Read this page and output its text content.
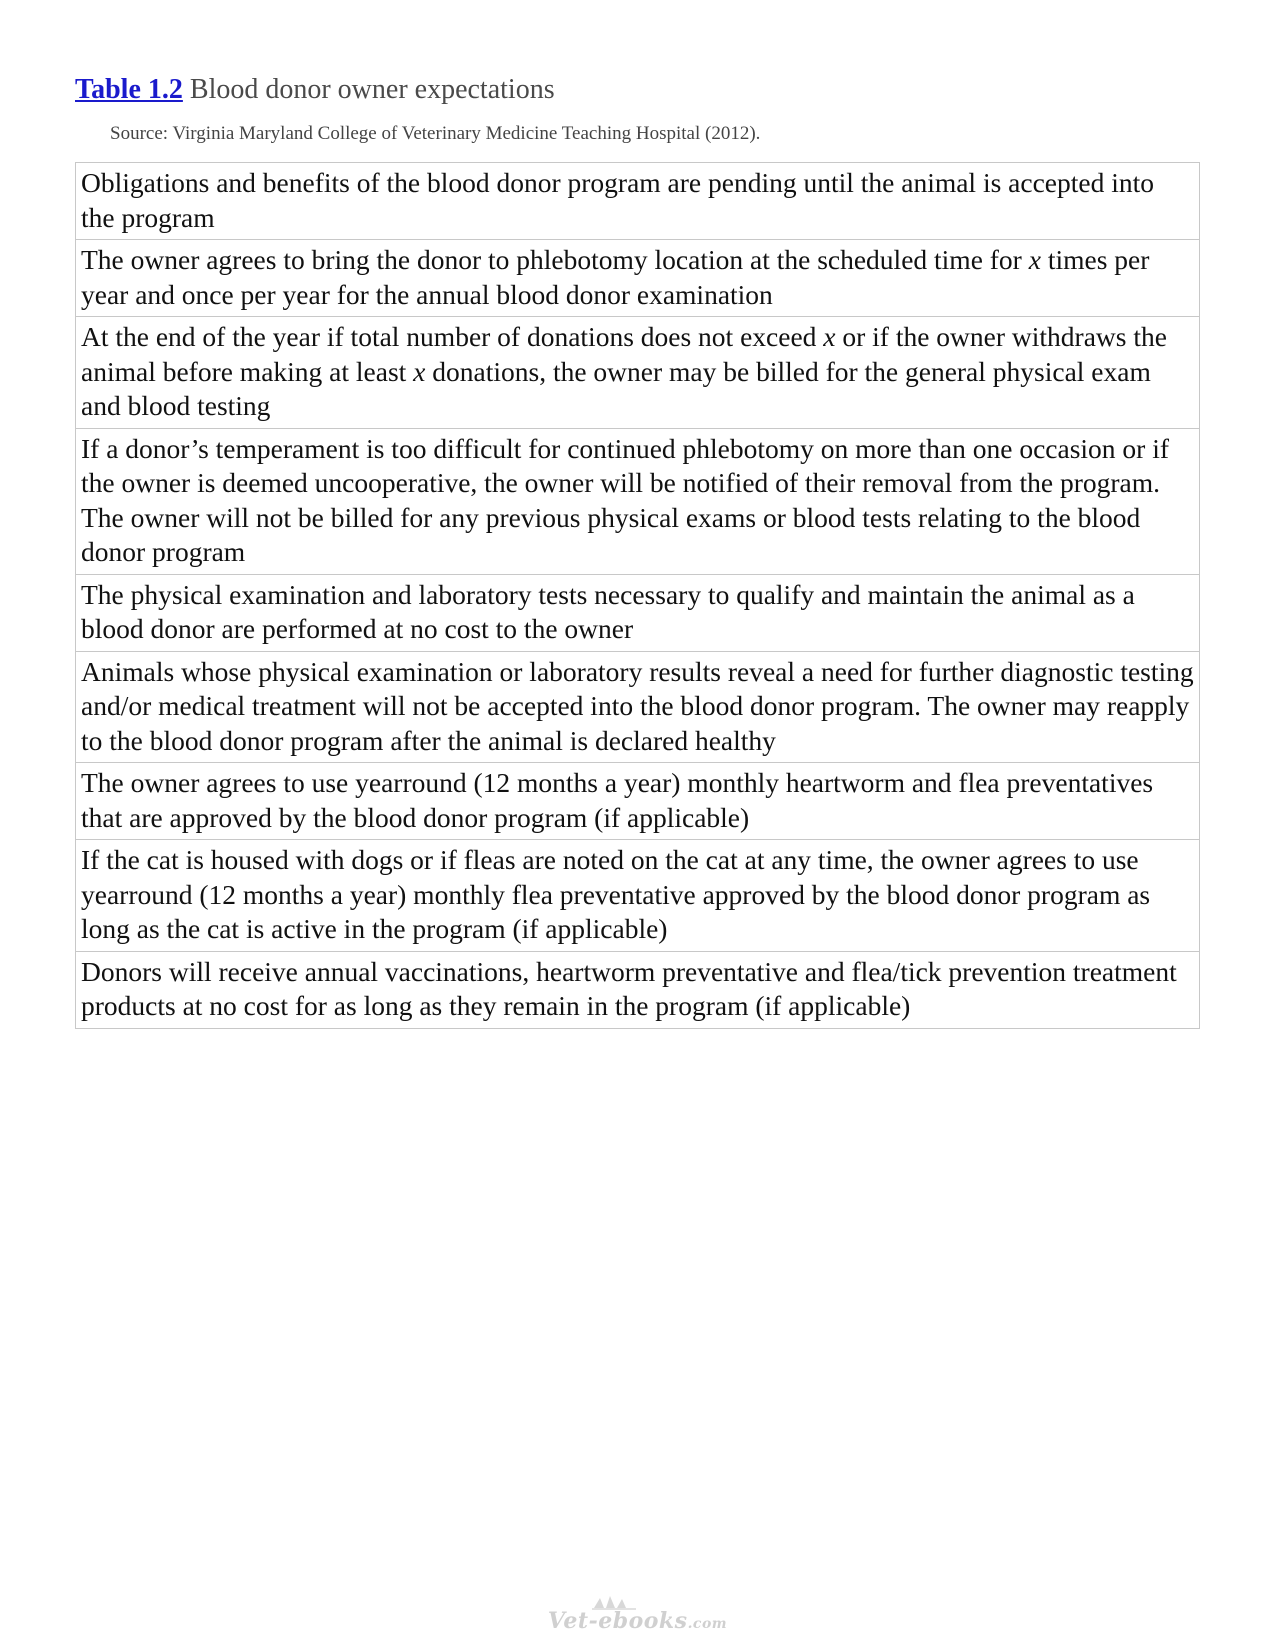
Table 1.2 Blood donor owner expectations
Source: Virginia Maryland College of Veterinary Medicine Teaching Hospital (2012).
Obligations and benefits of the blood donor program are pending until the animal is accepted into the program
The owner agrees to bring the donor to phlebotomy location at the scheduled time for x times per year and once per year for the annual blood donor examination
At the end of the year if total number of donations does not exceed x or if the owner withdraws the animal before making at least x donations, the owner may be billed for the general physical exam and blood testing
If a donor’s temperament is too difficult for continued phlebotomy on more than one occasion or if the owner is deemed uncooperative, the owner will be notified of their removal from the program. The owner will not be billed for any previous physical exams or blood tests relating to the blood donor program
The physical examination and laboratory tests necessary to qualify and maintain the animal as a blood donor are performed at no cost to the owner
Animals whose physical examination or laboratory results reveal a need for further diagnostic testing and/or medical treatment will not be accepted into the blood donor program. The owner may reapply to the blood donor program after the animal is declared healthy
The owner agrees to use yearround (12 months a year) monthly heartworm and flea preventatives that are approved by the blood donor program (if applicable)
If the cat is housed with dogs or if fleas are noted on the cat at any time, the owner agrees to use yearround (12 months a year) monthly flea preventative approved by the blood donor program as long as the cat is active in the program (if applicable)
Donors will receive annual vaccinations, heartworm preventative and flea/tick prevention treatment products at no cost for as long as they remain in the program (if applicable)
Vet-ebooks.com
